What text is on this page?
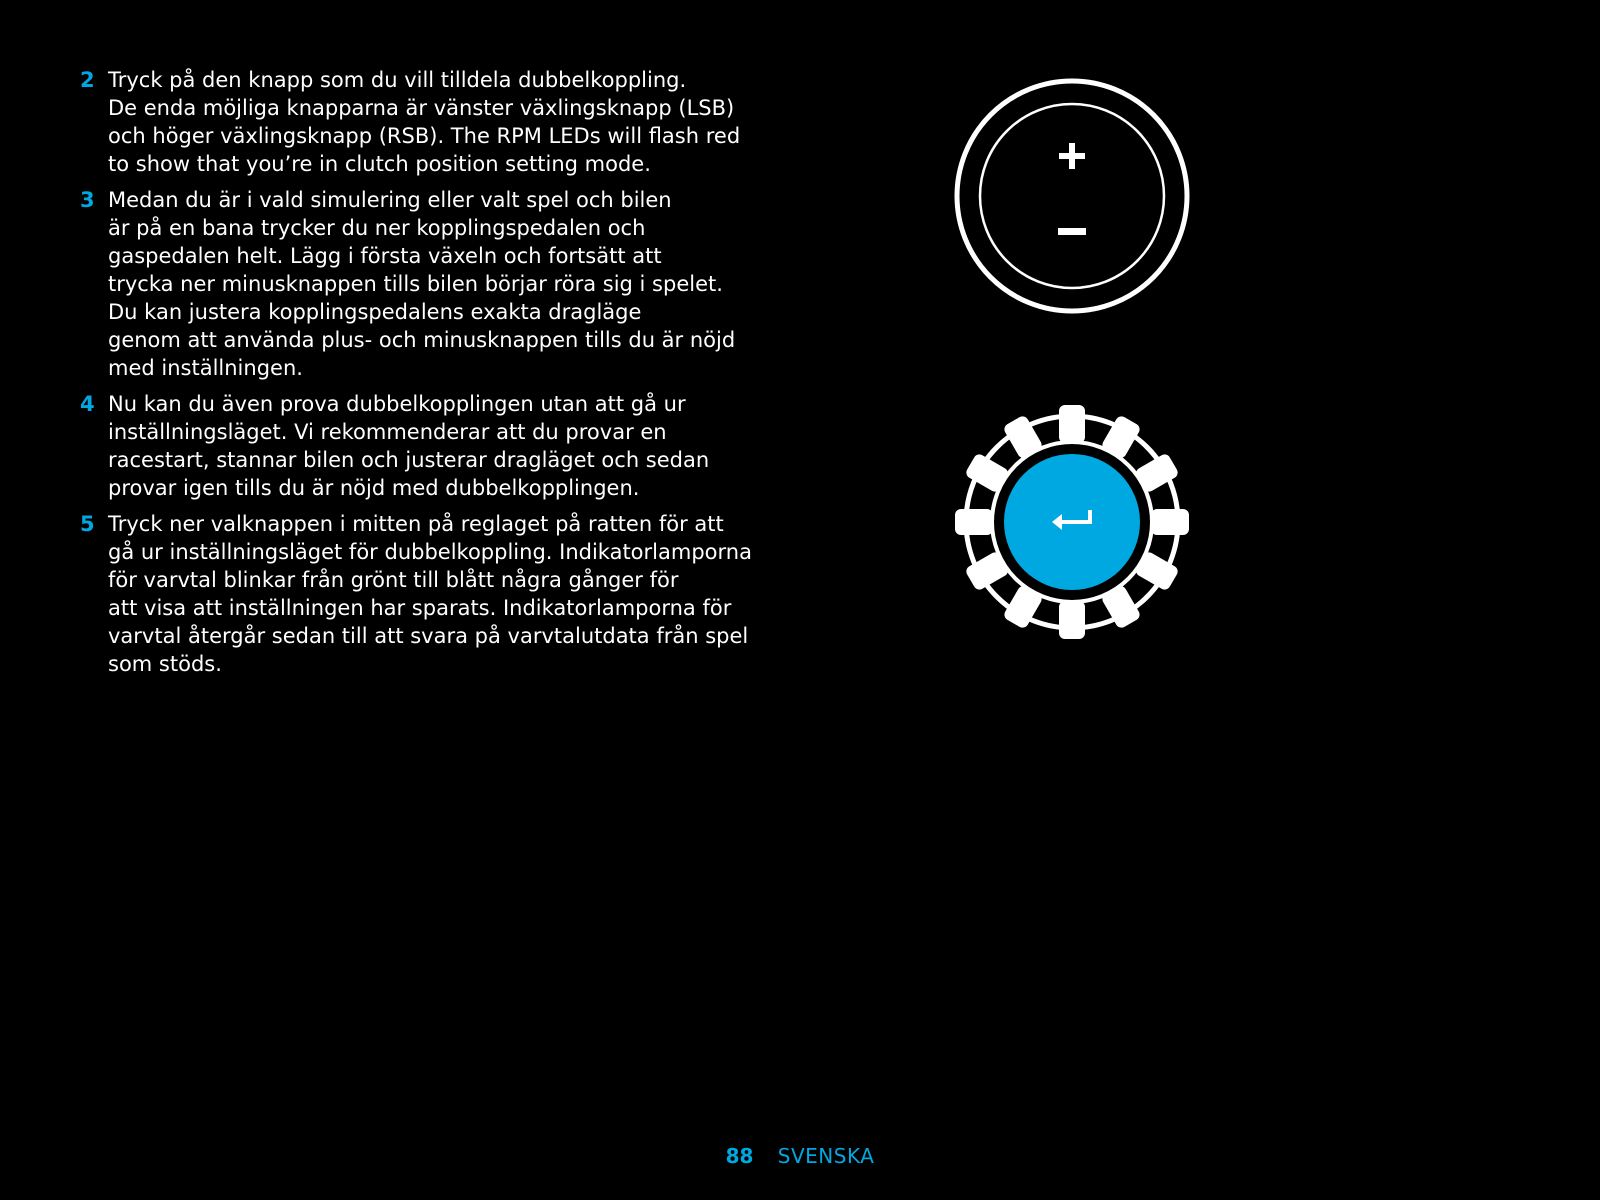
2 Tryck på den knapp som du vill tilldela dubbelkoppling.
De enda möjliga knapparna är vänster växlingsknapp (LSB)
och höger växlingsknapp (RSB). The RPM LEDs will flash red
to show that you’re in clutch position setting mode.
3 Medan du är i vald simulering eller valt spel och bilen
är på en bana trycker du ner kopplingspedalen och
gaspedalen helt. Lägg i första växeln och fortsätt att
trycka ner minusknappen tills bilen börjar röra sig i spelet.
Du kan justera kopplingspedalens exakta dragläge
genom att använda plus- och minusknappen tills du är nöjd
med inställningen.
4 Nu kan du även prova dubbelkopplingen utan att gå ur
inställningsläget. Vi rekommenderar att du provar en
racestart, stannar bilen och justerar dragläget och sedan
provar igen tills du är nöjd med dubbelkopplingen.
5 Tryck ner valknappen i mitten på reglaget på ratten för att
gå ur inställningsläget för dubbelkoppling. Indikatorlamporna
för varvtal blinkar från grönt till blått några gånger för
att visa att inställningen har sparats. Indikatorlamporna för
varvtal återgår sedan till att svara på varvtalutdata från spel
som stöds.
88 SVENSKA
